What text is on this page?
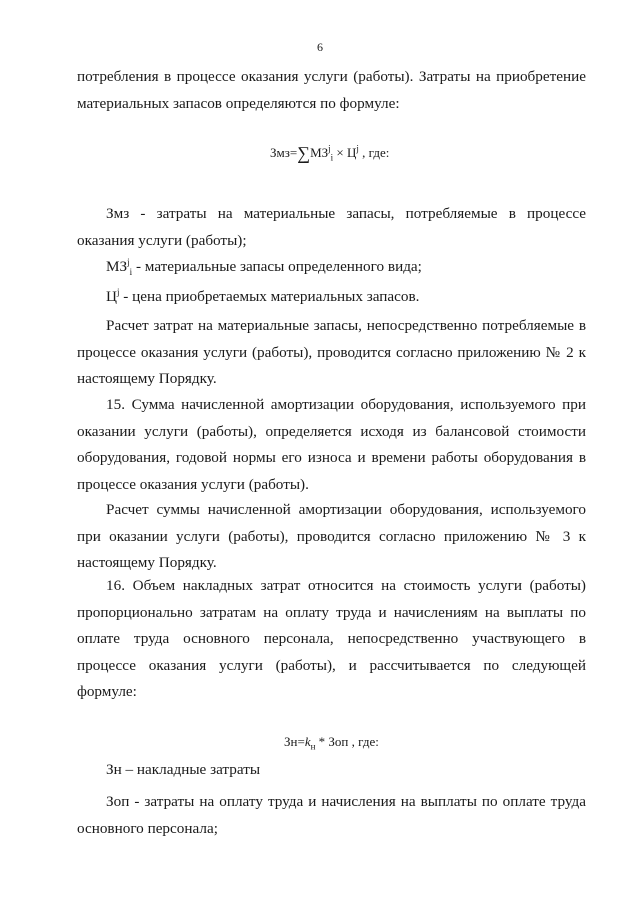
6

потребления в процессе оказания услуги (работы). Затраты на приобретение материальных запасов определяются по формуле:

$Змз=\sum МЗ^j_i \times Ц^j$ , где:

Змз - затраты на материальные запасы, потребляемые в процессе оказания услуги (работы);

$МЗ^j_i$ - материальные запасы определенного вида;
$Ц^j$ - цена приобретаемых материальных запасов.

Расчет затрат на материальные запасы, непосредственно потребляемые в процессе оказания услуги (работы), проводится согласно приложению № 2 к настоящему Порядку.

15. Сумма начисленной амортизации оборудования, используемого при оказании услуги (работы), определяется исходя из балансовой стоимости оборудования, годовой нормы его износа и времени работы оборудования в процессе оказания услуги (работы).

Расчет суммы начисленной амортизации оборудования, используемого при оказании услуги (работы), проводится согласно приложению № 3 к настоящему Порядку.

16. Объем накладных затрат относится на стоимость услуги (работы) пропорционально затратам на оплату труда и начислениям на выплаты по оплате труда основного персонала, непосредственно участвующего в процессе оказания услуги (работы), и рассчитывается по следующей формуле:

$Зн=k_н$ * Зоп , где:
Зн – накладные затраты

Зоп - затраты на оплату труда и начисления на выплаты по оплате труда основного персонала;
